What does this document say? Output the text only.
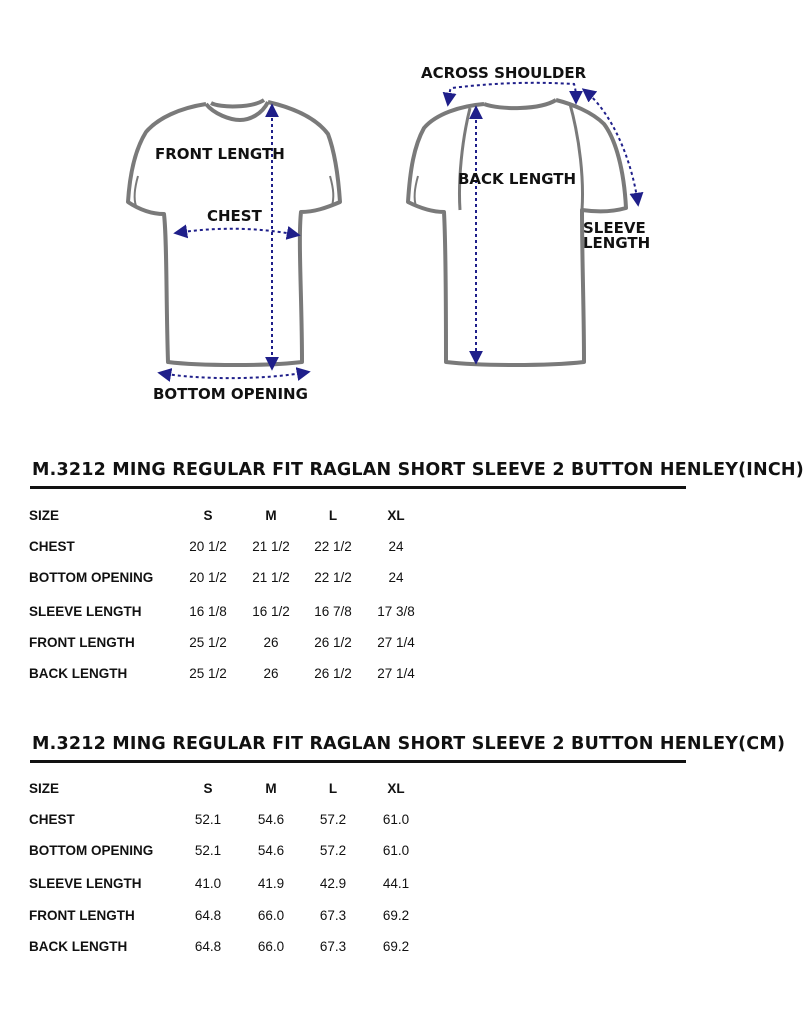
FRONT LENGTH
CHEST
BOTTOM OPENING
ACROSS SHOULDER
BACK LENGTH
SLEEVE
LENGTH
M.3212 MING REGULAR FIT RAGLAN SHORT SLEEVE 2 BUTTON HENLEY(INCH)
SIZE	S	M	L	XL
CHEST	20 1/2	21 1/2	22 1/2	24
BOTTOM OPENING	20 1/2	21 1/2	22 1/2	24
SLEEVE LENGTH	16 1/8	16 1/2	16 7/8	17 3/8
FRONT LENGTH	25 1/2	26	26 1/2	27 1/4
BACK LENGTH	25 1/2	26	26 1/2	27 1/4
M.3212 MING REGULAR FIT RAGLAN SHORT SLEEVE 2 BUTTON HENLEY(CM)
SIZE	S	M	L	XL
CHEST	52.1	54.6	57.2	61.0
BOTTOM OPENING	52.1	54.6	57.2	61.0
SLEEVE LENGTH	41.0	41.9	42.9	44.1
FRONT LENGTH	64.8	66.0	67.3	69.2
BACK LENGTH	64.8	66.0	67.3	69.2
